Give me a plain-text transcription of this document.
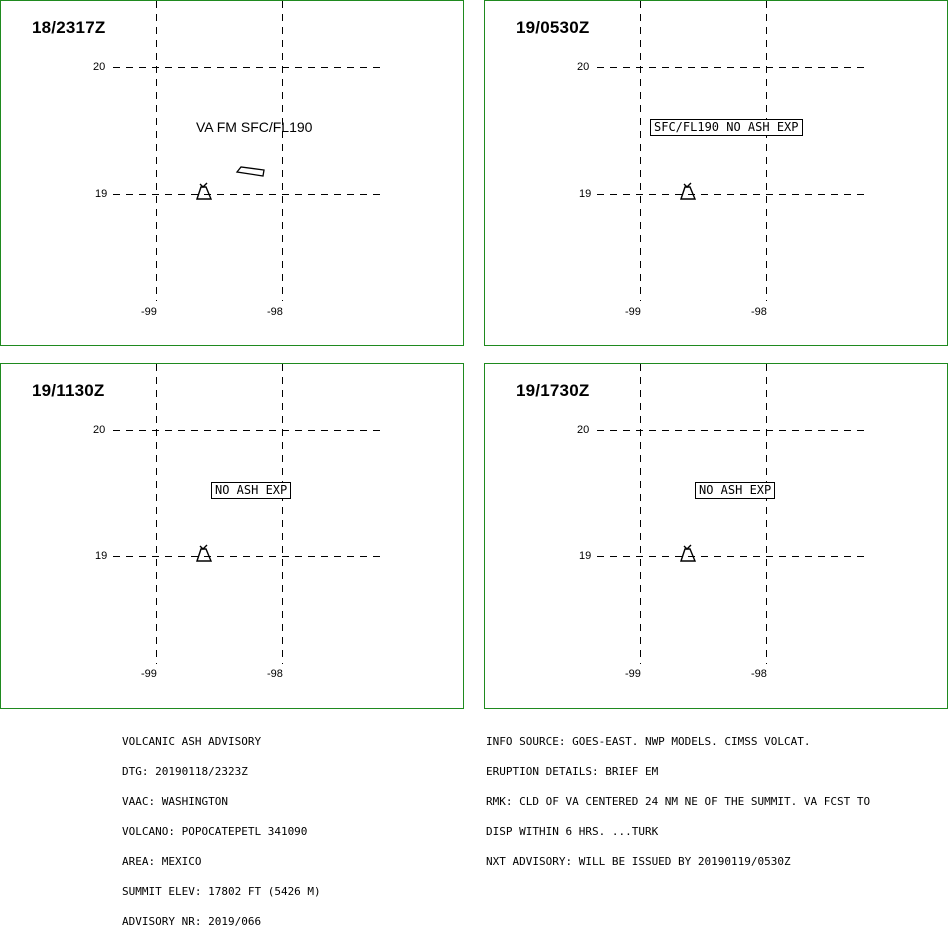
18/2317Z
20
19
-99	-98
VA FM SFC/FL190
19/0530Z
20
19
-99	-98
SFC/FL190 NO ASH EXP
19/1130Z
20
19
-99	-98
NO ASH EXP
19/1730Z
20
19
-99	-98
NO ASH EXP

VOLCANIC ASH ADVISORY

DTG: 20190118/2323Z

VAAC: WASHINGTON

VOLCANO: POPOCATEPETL 341090

AREA: MEXICO

SUMMIT ELEV: 17802 FT (5426 M)

ADVISORY NR: 2019/066

INFO SOURCE: GOES-EAST. NWP MODELS. CIMSS VOLCAT.

ERUPTION DETAILS: BRIEF EM

RMK: CLD OF VA CENTERED 24 NM NE OF THE SUMMIT. VA FCST TO

DISP WITHIN 6 HRS. ...TURK

NXT ADVISORY: WILL BE ISSUED BY 20190119/0530Z
